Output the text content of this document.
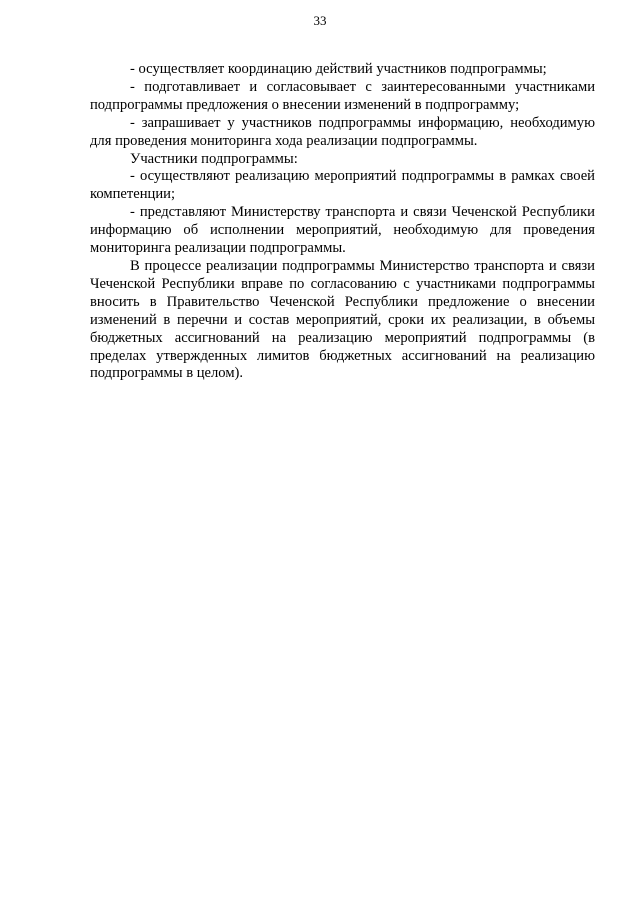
33

- осуществляет координацию действий участников подпрограммы;

- подготавливает и согласовывает с заинтересованными участниками подпрограммы предложения о внесении изменений в подпрограмму;

- запрашивает у участников подпрограммы информацию, необходимую для проведения мониторинга хода реализации подпрограммы.

Участники подпрограммы:

- осуществляют реализацию мероприятий подпрограммы в рамках своей компетенции;

- представляют Министерству транспорта и связи Чеченской Республики информацию об исполнении мероприятий, необходимую для проведения мониторинга реализации подпрограммы.

В процессе реализации подпрограммы Министерство транспорта и связи Чеченской Республики вправе по согласованию с участниками подпрограммы вносить в Правительство Чеченской Республики предложение о внесении изменений в перечни и состав мероприятий, сроки их реализации, в объемы бюджетных ассигнований на реализацию мероприятий подпрограммы (в пределах утвержденных лимитов бюджетных ассигнований на реализацию подпрограммы в целом).
